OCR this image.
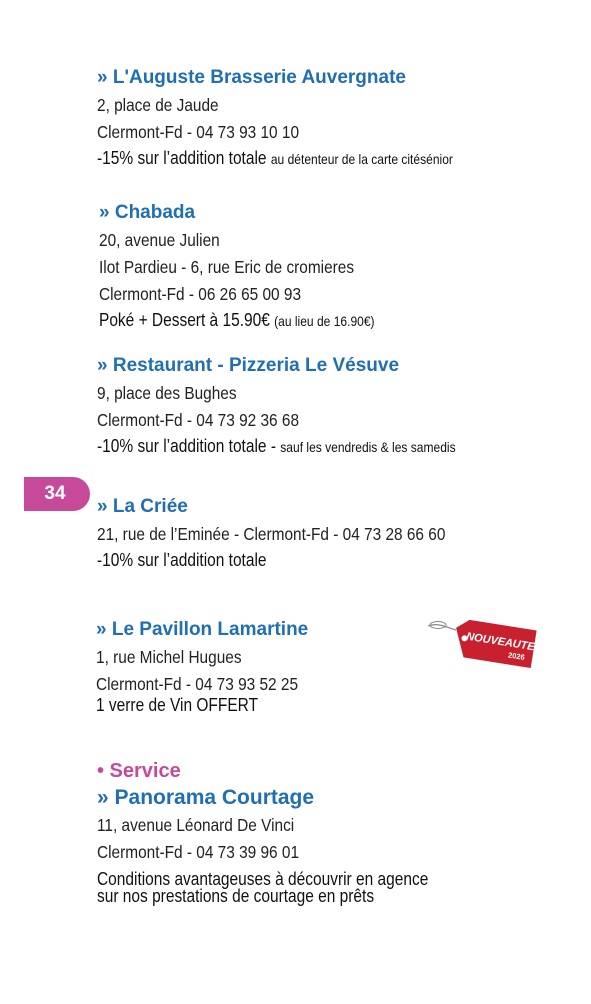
» L'Auguste Brasserie Auvergnate
2, place de Jaude
Clermont-Fd - 04 73 93 10 10
-15% sur l’addition totale au détenteur de la carte citésénior
» Chabada
20, avenue Julien
Ilot Pardieu - 6, rue Eric de cromieres
Clermont-Fd - 06 26 65 00 93
Poké + Dessert à 15.90€ (au lieu de 16.90€)
» Restaurant - Pizzeria Le Vésuve
9, place des Bughes
Clermont-Fd - 04 73 92 36 68
-10% sur l’addition totale - sauf les vendredis & les samedis
34
» La Criée
21, rue de l’Eminée - Clermont-Fd - 04 73 28 66 60
-10% sur l’addition totale
» Le Pavillon Lamartine
1, rue Michel Hugues
Clermont-Fd - 04 73 93 52 25
1 verre de Vin OFFERT
NOUVEAUTE
2026
• Service
» Panorama Courtage
11, avenue Léonard De Vinci
Clermont-Fd - 04 73 39 96 01
Conditions avantageuses à découvrir en agence
sur nos prestations de courtage en prêts
